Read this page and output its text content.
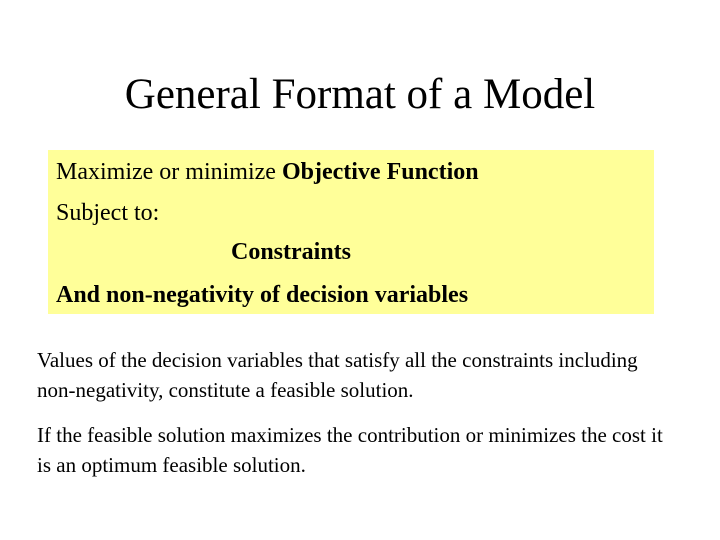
General Format of a Model
Maximize or minimize Objective Function
Subject to:
Constraints
And non-negativity of decision variables

Values of the decision variables that satisfy all the constraints including non-negativity, constitute a feasible solution.

If the feasible solution maximizes the contribution or minimizes the cost it is an optimum feasible solution.
